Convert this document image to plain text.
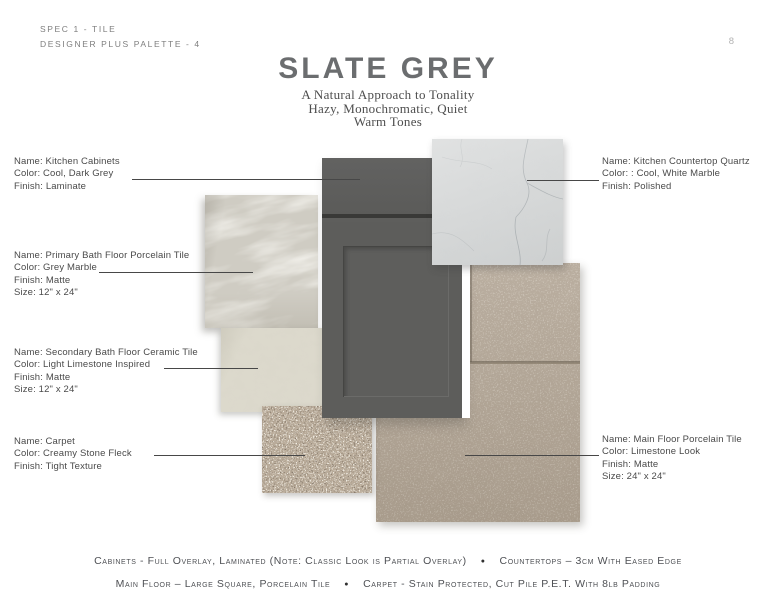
SPEC 1 - TILE
DESIGNER PLUS PALETTE - 4	8
SLATE GREY
A Natural Approach to Tonality
Hazy, Monochromatic, Quiet
Warm Tones
Name: Kitchen Cabinets
Color: Cool, Dark Grey
Finish: Laminate
Name: Kitchen Countertop Quartz
Color: : Cool, White Marble
Finish: Polished
Name: Primary Bath Floor Porcelain Tile
Color: Grey Marble
Finish: Matte
Size: 12" x 24"
Name: Secondary Bath Floor Ceramic Tile
Color: Light Limestone Inspired
Finish: Matte
Size: 12" x 24"
Name: Carpet
Color: Creamy Stone Fleck
Finish: Tight Texture
Name: Main Floor Porcelain Tile
Color: Limestone Look
Finish: Matte
Size: 24" x 24"
Cabinets - Full Overlay, Laminated (Note: Classic Look is Partial Overlay) ● Countertops – 3cm With Eased Edge
Main Floor – Large Square, Porcelain Tile ● Carpet - Stain Protected, Cut Pile P.E.T. With 8lb Padding
